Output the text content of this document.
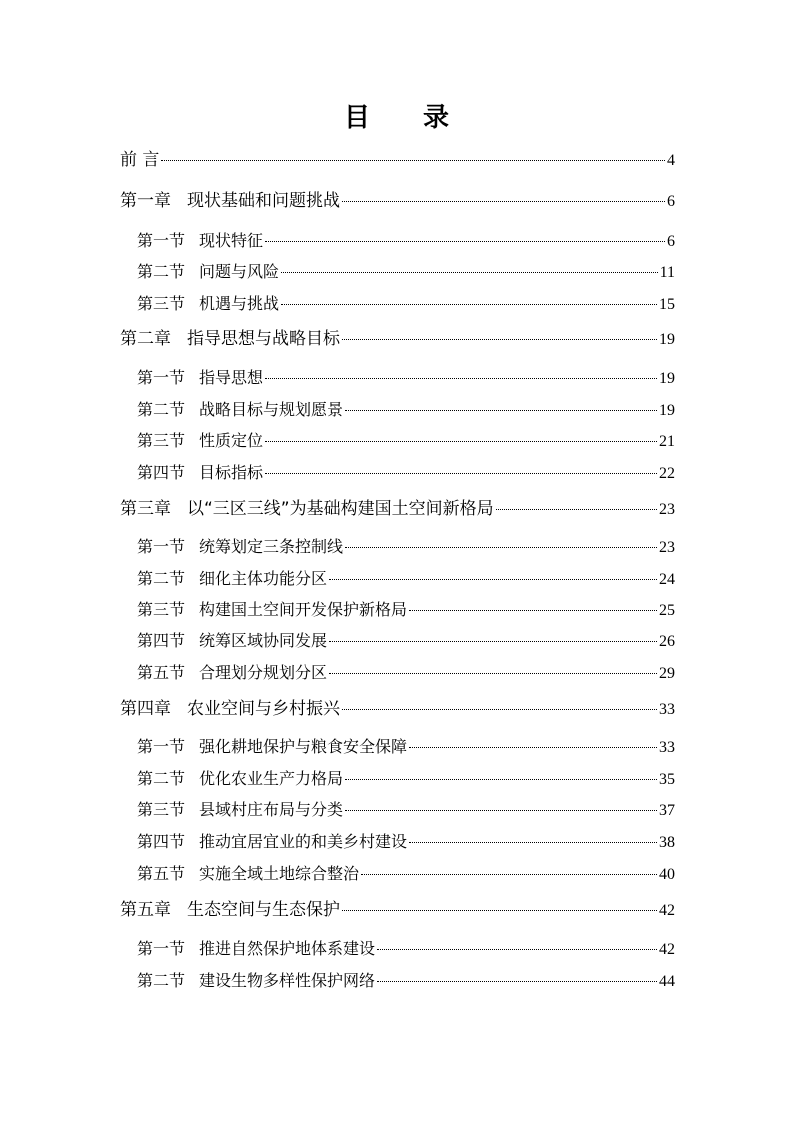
目 录
前 言	4
第一章 现状基础和问题挑战	6
第一节 现状特征	6
第二节 问题与风险	11
第三节 机遇与挑战	15
第二章 指导思想与战略目标	19
第一节 指导思想	19
第二节 战略目标与规划愿景	19
第三节 性质定位	21
第四节 目标指标	22
第三章 以“三区三线”为基础构建国土空间新格局	23
第一节 统筹划定三条控制线	23
第二节 细化主体功能分区	24
第三节 构建国土空间开发保护新格局	25
第四节 统筹区域协同发展	26
第五节 合理划分规划分区	29
第四章 农业空间与乡村振兴	33
第一节 强化耕地保护与粮食安全保障	33
第二节 优化农业生产力格局	35
第三节 县域村庄布局与分类	37
第四节 推动宜居宜业的和美乡村建设	38
第五节 实施全域土地综合整治	40
第五章 生态空间与生态保护	42
第一节 推进自然保护地体系建设	42
第二节 建设生物多样性保护网络	44
